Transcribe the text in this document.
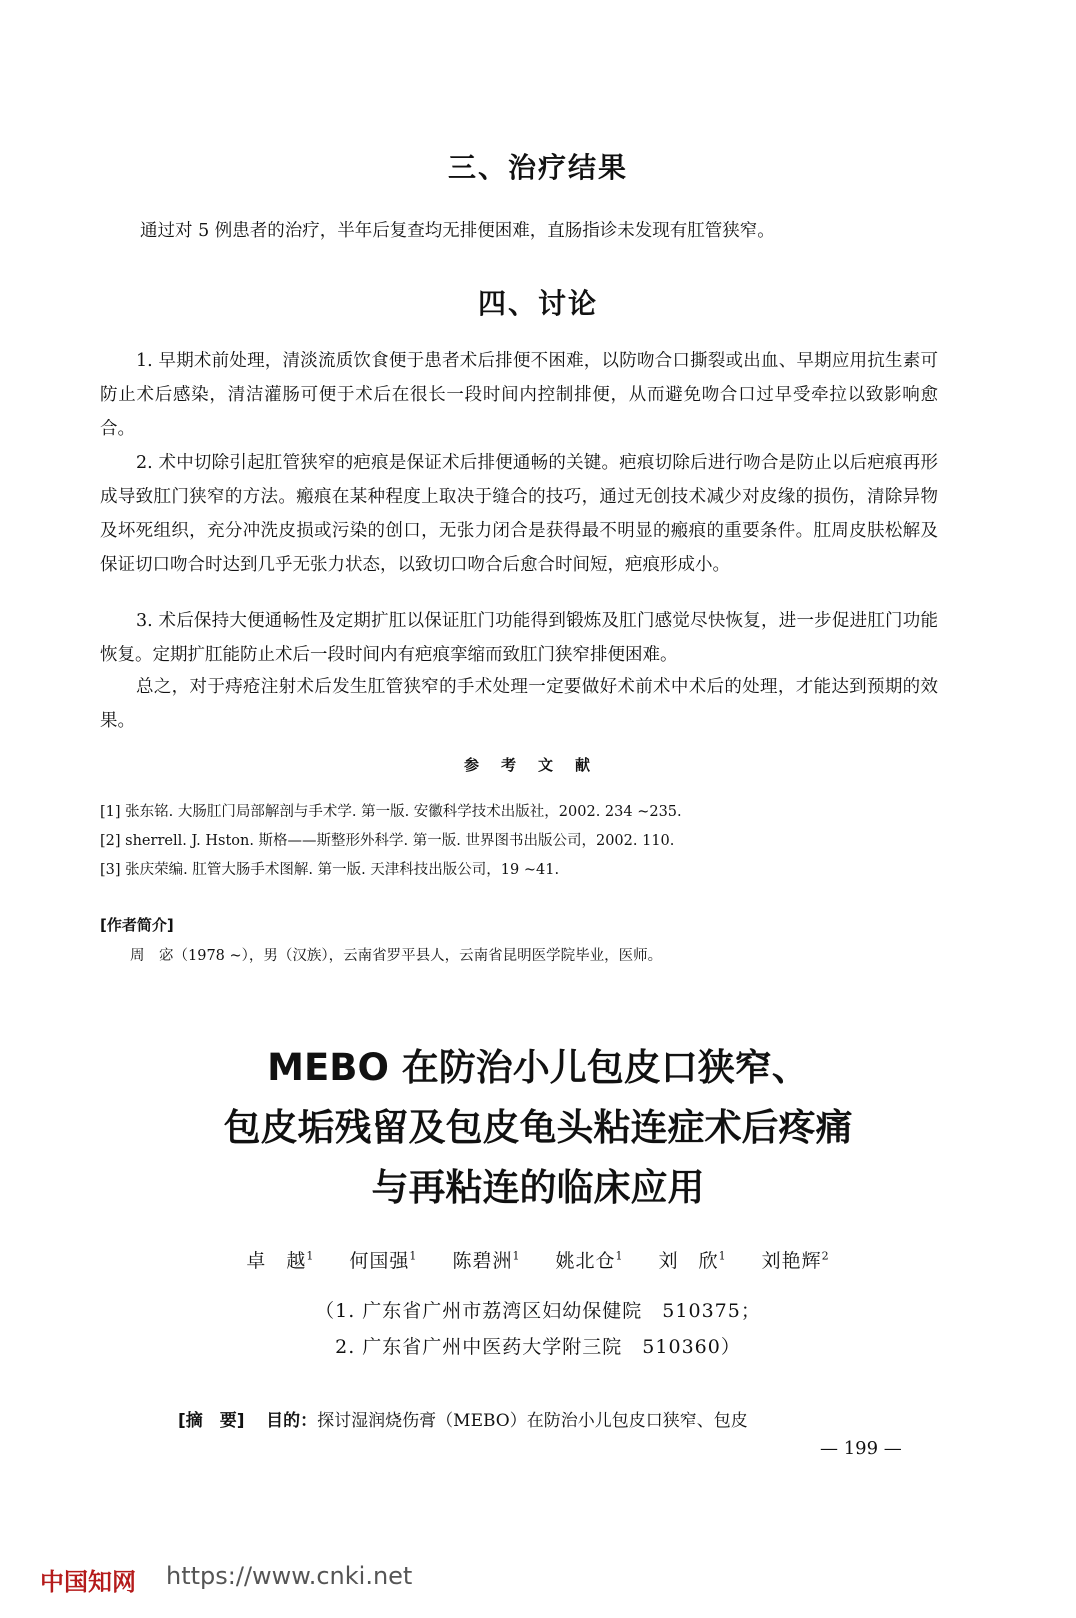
三、治疗结果
通过对 5 例患者的治疗，半年后复查均无排便困难，直肠指诊未发现有肛管狭窄。
四、讨论
1. 早期术前处理，清淡流质饮食便于患者术后排便不困难，以防吻合口撕裂或出血、早期应用抗生素可防止术后感染，清洁灌肠可便于术后在很长一段时间内控制排便，从而避免吻合口过早受牵拉以致影响愈合。
2. 术中切除引起肛管狭窄的疤痕是保证术后排便通畅的关键。疤痕切除后进行吻合是防止以后疤痕再形成导致肛门狭窄的方法。瘢痕在某种程度上取决于缝合的技巧，通过无创技术减少对皮缘的损伤，清除异物及坏死组织，充分冲洗皮损或污染的创口，无张力闭合是获得最不明显的瘢痕的重要条件。肛周皮肤松解及保证切口吻合时达到几乎无张力状态，以致切口吻合后愈合时间短，疤痕形成小。
3. 术后保持大便通畅性及定期扩肛以保证肛门功能得到锻炼及肛门感觉尽快恢复，进一步促进肛门功能恢复。定期扩肛能防止术后一段时间内有疤痕挛缩而致肛门狭窄排便困难。
总之，对于痔疮注射术后发生肛管狭窄的手术处理一定要做好术前术中术后的处理，才能达到预期的效果。
参考文献
[1] 张东铭. 大肠肛门局部解剖与手术学. 第一版. 安徽科学技术出版社，2002. 234 ~235.
[2] sherrell. J. Hston. 斯格——斯整形外科学. 第一版. 世界图书出版公司，2002. 110.
[3] 张庆荣编. 肛管大肠手术图解. 第一版. 天津科技出版公司，19 ~41.
[作者简介]
周　宓（1978 ~），男（汉族），云南省罗平县人，云南省昆明医学院毕业，医师。
MEBO 在防治小儿包皮口狭窄、
包皮垢残留及包皮龟头粘连症术后疼痛
与再粘连的临床应用
卓　越$^1$ 何国强$^1$ 陈碧洲$^1$ 姚北仓$^1$ 刘　欣$^1$ 刘艳辉$^2$
（1. 广东省广州市荔湾区妇幼保健院　510375；
2. 广东省广州中医药大学附三院　510360）
[摘　要] 目的：探讨湿润烧伤膏（MEBO）在防治小儿包皮口狭窄、包皮
— 199 —
中国知网 https://www.cnki.net
